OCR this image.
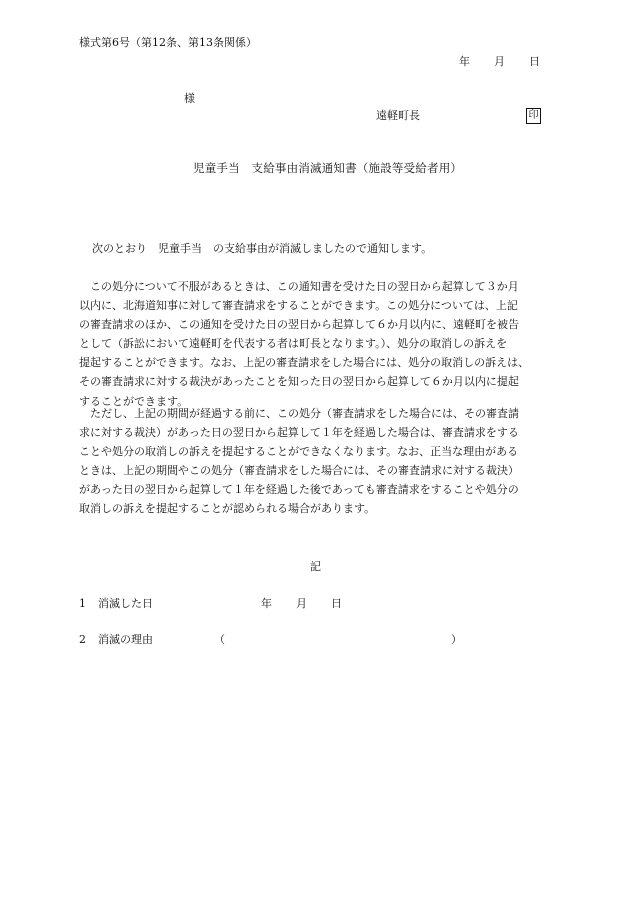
様式第6号（第12条、第13条関係）
年 月 日
様
遠軽町長	印
児童手当　支給事由消滅通知書（施設等受給者用）
次のとおり　児童手当　の支給事由が消滅しましたので通知します。
この処分について不服があるときは、この通知書を受けた日の翌日から起算して３か月
以内に、北海道知事に対して審査請求をすることができます。この処分については、上記
の審査請求のほか、この通知を受けた日の翌日から起算して６か月以内に、遠軽町を被告
として（訴訟において遠軽町を代表する者は町長となります。）、処分の取消しの訴えを
提起することができます。なお、上記の審査請求をした場合には、処分の取消しの訴えは、
その審査請求に対する裁決があったことを知った日の翌日から起算して６か月以内に提起
することができます。
ただし、上記の期間が経過する前に、この処分（審査請求をした場合には、その審査請
求に対する裁決）があった日の翌日から起算して１年を経過した場合は、審査請求をする
ことや処分の取消しの訴えを提起することができなくなります。なお、正当な理由がある
ときは、上記の期間やこの処分（審査請求をした場合には、その審査請求に対する裁決）
があった日の翌日から起算して１年を経過した後であっても審査請求をすることや処分の
取消しの訴えを提起することが認められる場合があります。
記
1 消滅した日	年 月 日
2 消滅の理由	（	）
